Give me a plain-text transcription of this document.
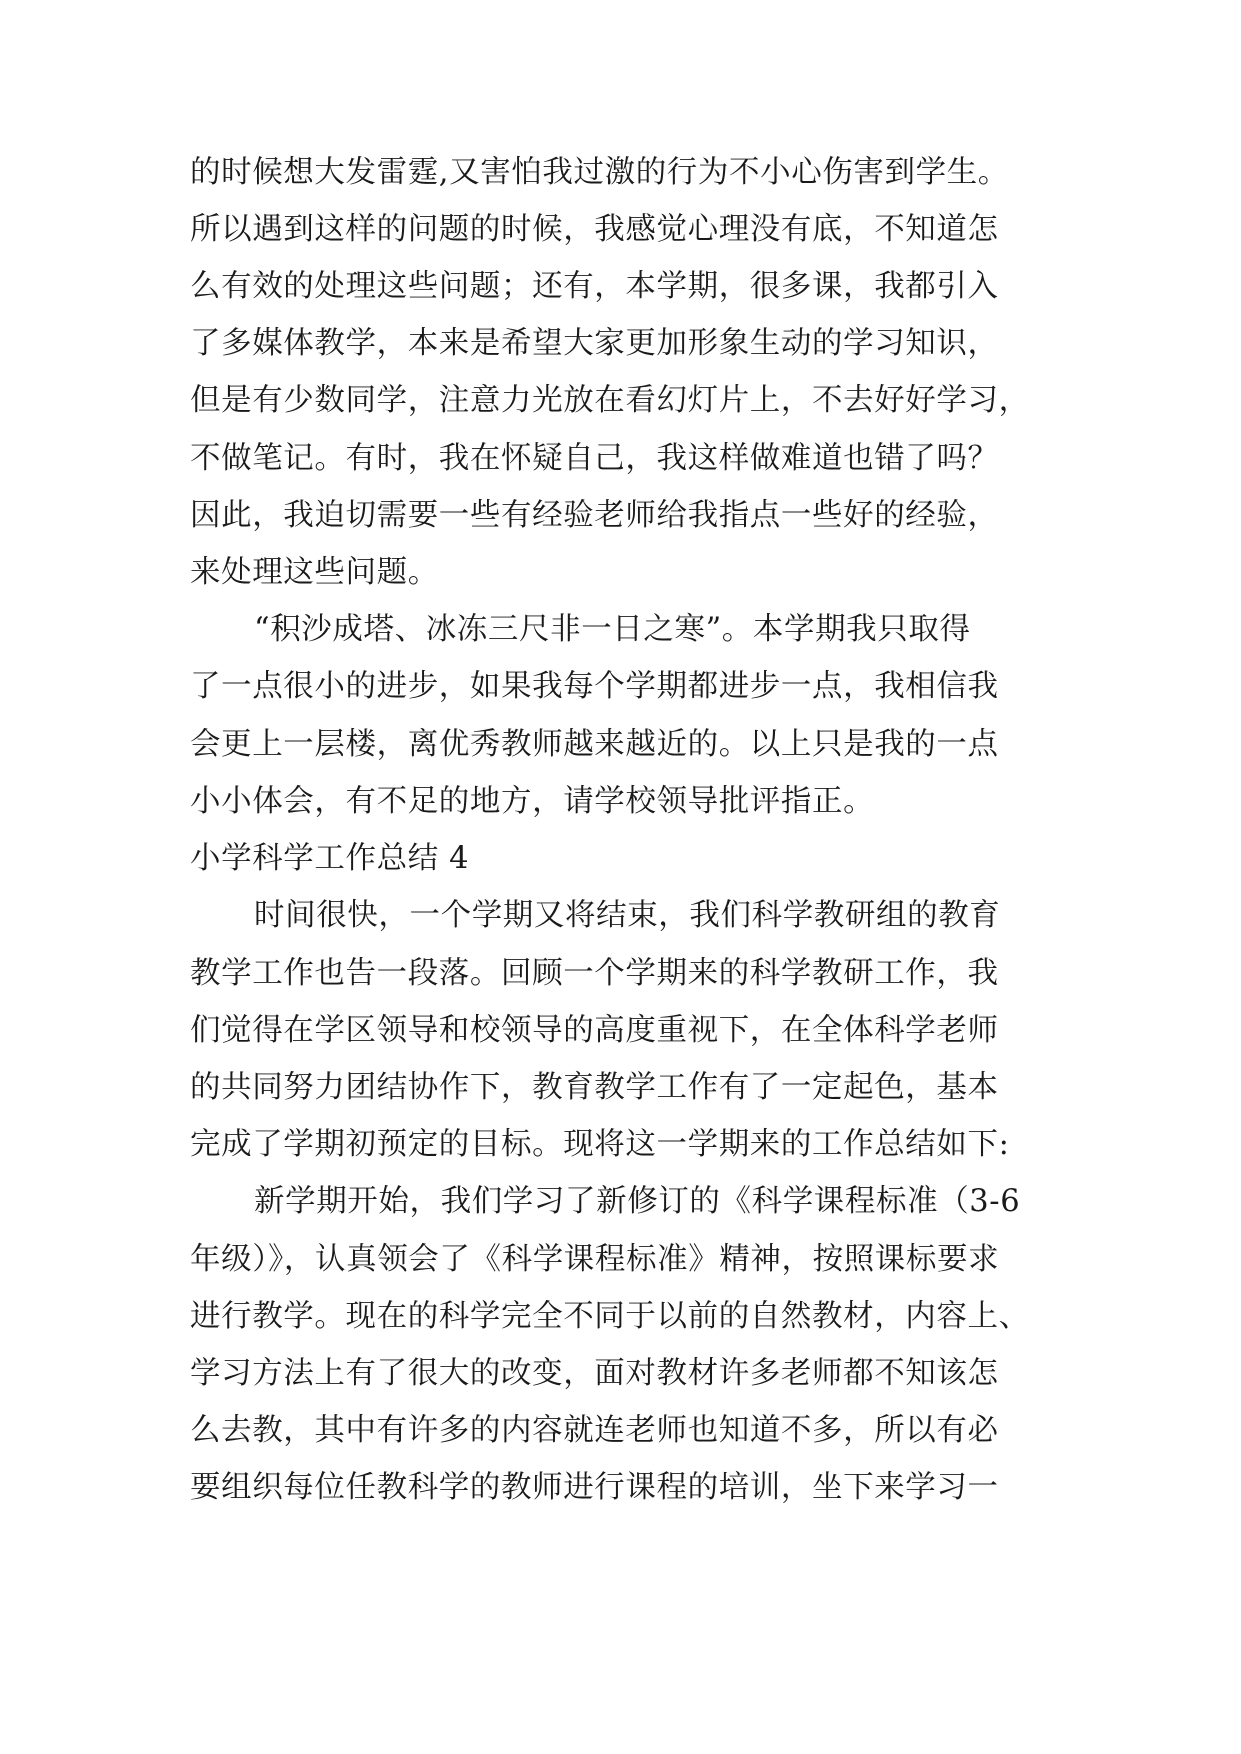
的时候想大发雷霆,又害怕我过激的行为不小心伤害到学生。
所以遇到这样的问题的时候，我感觉心理没有底，不知道怎
么有效的处理这些问题；还有，本学期，很多课，我都引入
了多媒体教学，本来是希望大家更加形象生动的学习知识，
但是有少数同学，注意力光放在看幻灯片上，不去好好学习，
不做笔记。有时，我在怀疑自己，我这样做难道也错了吗？
因此，我迫切需要一些有经验老师给我指点一些好的经验，
来处理这些问题。
“积沙成塔、冰冻三尺非一日之寒”。本学期我只取得
了一点很小的进步，如果我每个学期都进步一点，我相信我
会更上一层楼，离优秀教师越来越近的。以上只是我的一点
小小体会，有不足的地方，请学校领导批评指正。
小学科学工作总结 4
时间很快，一个学期又将结束，我们科学教研组的教育
教学工作也告一段落。回顾一个学期来的科学教研工作，我
们觉得在学区领导和校领导的高度重视下，在全体科学老师
的共同努力团结协作下，教育教学工作有了一定起色，基本
完成了学期初预定的目标。现将这一学期来的工作总结如下:
新学期开始，我们学习了新修订的《科学课程标准（3-6
年级）》，认真领会了《科学课程标准》精神，按照课标要求
进行教学。现在的科学完全不同于以前的自然教材，内容上、
学习方法上有了很大的改变，面对教材许多老师都不知该怎
么去教，其中有许多的内容就连老师也知道不多，所以有必
要组织每位任教科学的教师进行课程的培训，坐下来学习一
